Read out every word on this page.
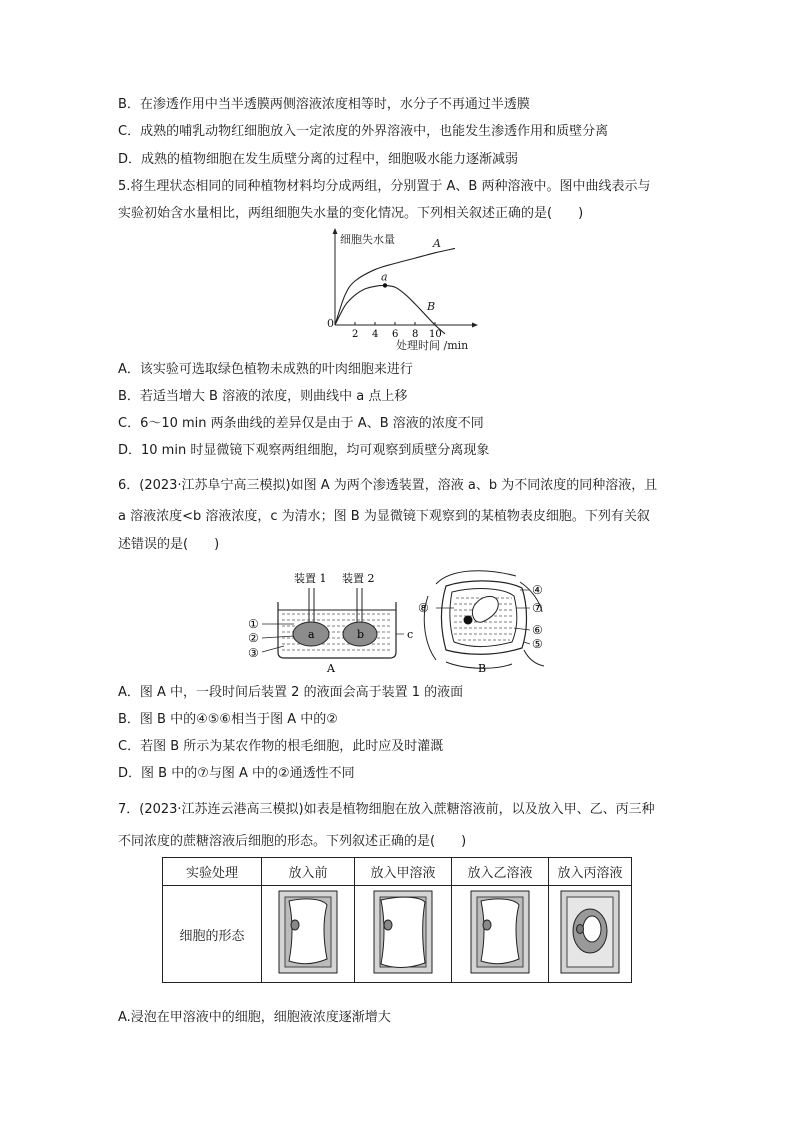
B．在渗透作用中当半透膜两侧溶液浓度相等时，水分子不再通过半透膜
C．成熟的哺乳动物红细胞放入一定浓度的外界溶液中，也能发生渗透作用和质壁分离
D．成熟的植物细胞在发生质壁分离的过程中，细胞吸水能力逐渐减弱
5.将生理状态相同的同种植物材料均分成两组，分别置于 A、B 两种溶液中。图中曲线表示与
实验初始含水量相比，两组细胞失水量的变化情况。下列相关叙述正确的是(　　)
细胞失水量
0
处理时间 /min
2 4 6 8 10
a
A
B
A．该实验可选取绿色植物未成熟的叶肉细胞来进行
B．若适当增大 B 溶液的浓度，则曲线中 a 点上移
C．6～10 min 两条曲线的差异仅是由于 A、B 溶液的浓度不同
D．10 min 时显微镜下观察两组细胞，均可观察到质壁分离现象
6．(2023·江苏阜宁高三模拟)如图 A 为两个渗透装置，溶液 a、b 为不同浓度的同种溶液，且
a 溶液浓度<b 溶液浓度，c 为清水；图 B 为显微镜下观察到的某植物表皮细胞。下列有关叙
述错误的是(　　)
装置 1 装置 2
a	b
①
②
③
c
A
④
⑦
⑥
⑤
⑧
B
A．图 A 中，一段时间后装置 2 的液面会高于装置 1 的液面
B．图 B 中的④⑤⑥相当于图 A 中的②
C．若图 B 所示为某农作物的根毛细胞，此时应及时灌溉
D．图 B 中的⑦与图 A 中的②通透性不同
7．(2023·江苏连云港高三模拟)如表是植物细胞在放入蔗糖溶液前，以及放入甲、乙、丙三种
不同浓度的蔗糖溶液后细胞的形态。下列叙述正确的是(　　)
实验处理	放入前	放入甲溶液	放入乙溶液	放入丙溶液
细胞的形态				
A.浸泡在甲溶液中的细胞，细胞液浓度逐渐增大
